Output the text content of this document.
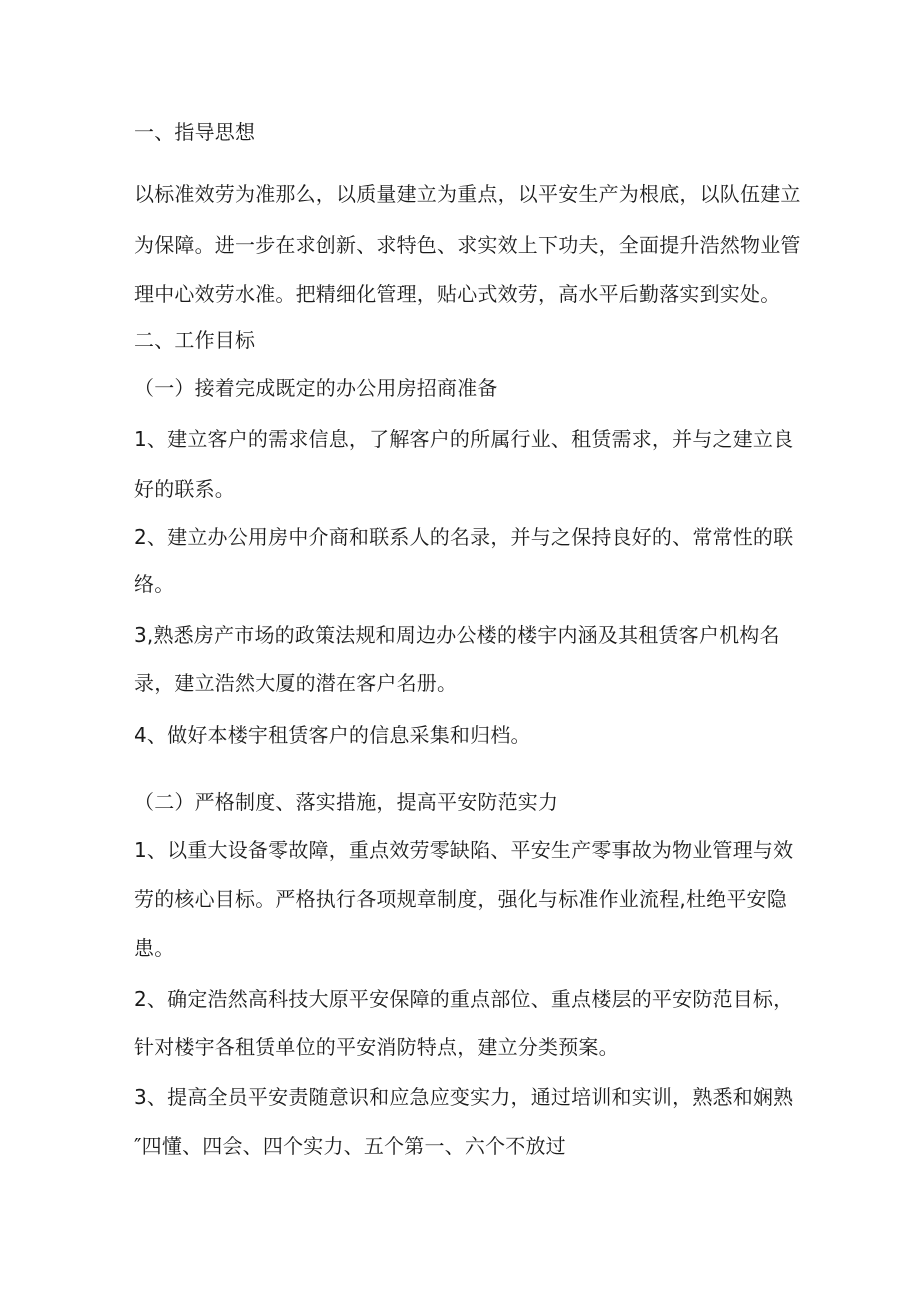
一、指导思想
以标准效劳为准那么，以质量建立为重点，以平安生产为根底，以队伍建立
为保障。进一步在求创新、求特色、求实效上下功夫，全面提升浩然物业管
理中心效劳水准。把精细化管理，贴心式效劳，高水平后勤落实到实处。
二、工作目标
（一）接着完成既定的办公用房招商准备
1、建立客户的需求信息，了解客户的所属行业、租赁需求，并与之建立良
好的联系。
2、建立办公用房中介商和联系人的名录，并与之保持良好的、常常性的联
络。
3,熟悉房产市场的政策法规和周边办公楼的楼宇内涵及其租赁客户机构名
录，建立浩然大厦的潜在客户名册。
4、做好本楼宇租赁客户的信息采集和归档。
（二）严格制度、落实措施，提高平安防范实力
1、以重大设备零故障，重点效劳零缺陷、平安生产零事故为物业管理与效
劳的核心目标。严格执行各项规章制度，强化与标准作业流程,杜绝平安隐
患。
2、确定浩然高科技大原平安保障的重点部位、重点楼层的平安防范目标，
针对楼宇各租赁单位的平安消防特点，建立分类预案。
3、提高全员平安责随意识和应急应变实力，通过培训和实训，熟悉和娴熟
″四懂、四会、四个实力、五个第一、六个不放过
